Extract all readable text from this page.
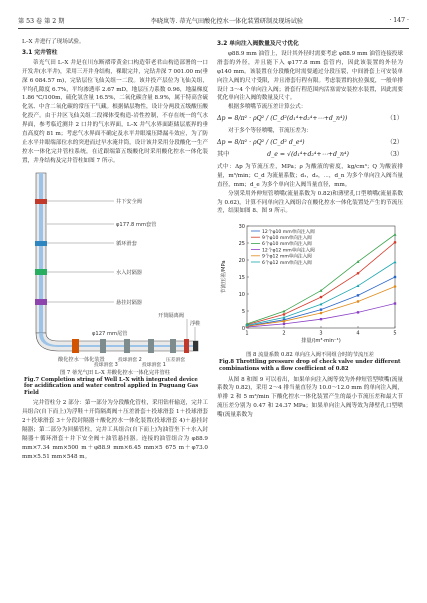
第 53 卷 第 2 期	李晓岚等. 蒂光气田酸化控水一体化装置研制及现场试验	· 147 ·

L–X 井进行了现场试验。

3.1 完井管柱

蒂光气田 L–X 井是在川东断褶带黄金口构造带老君山构造部署的一口开发井(水平井)，采用三开井身结构，裸眼完井，完钻井深 7 001.00 m(垂深 6 084.57 m)，完钻层位飞仙关组一二段。该井投产层位为飞仙关组，平均孔隙度 6.7%，平均渗透率 2.67 mD，地层压力系数 0.96，地温梯度 1.86 ℃/100m，硫化氢含量 16.5%，二氧化碳含量 8.9%，属于特高含硫化氢、中含二氧化碳的常压干气藏。根据储层物性，设计分两段五级酸压酸化投产。由于井区飞仙关组二段裸体受构造-岩性控制，不存在统一的气水界面，参考临近测井 2 口井的气水界面，L–X 井气水界面距储层底界的垂直高度约 81 m；考虑气水界面不确定及水平井眼端压降漏斗效应，为了防止水平井眼端部位水的突进而过早水淹井筒，设计该井采用分段酸化一生产控水一体化完井管柱系统，在近跟端第五级酸化时采用酸化控水一体化装置，井身结构及完井管柱如图 7 所示。

井下安全阀
φ177.8 mm套管
循环滑套
水入封隔器
悬挂封隔器
开筒隔离阀
浮鞋
φ127 mm尾管
酸化控水一体化装置
投球滑套 3
投球滑套 2
投球滑套 1
压差滑套

图 7 蒂光气田 L–X 井酸化控水一体化完井管柱

Fig.7 Completion string of Well L–X with integrated device for acidification and water control applied in Puguang Gas Field

完井管柱分 2 部分：第一部分为分段酸化管柱，采用钻杆输送，完井工具组合(自下而上)为浮鞋＋开筒隔离阀＋压差滑套＋投球滑套 1＋投球滑套 2＋投球滑套 3＋分段封隔器＋酸化控水一体化装置(投球滑套 4)＋悬挂封隔器；第二部分为回插管柱，完井工具组合(自下而上)为油管坐下＋水入封隔器＋循环滑套＋井下安全阀＋油管悬挂器。连接的油管组合为 φ88.9 mm×7.34 mm×500 m＋φ88.9 mm×6.45 mm×5 675 m＋φ73.0 mm×5.51 mm×548 m。

3.2 单向注入阀数量及尺寸优化

φ88.9 mm 油管上，设计其外径时需要考虑 φ88.9 mm 油管连接投球滑套的外径，并且能下入 φ177.8 mm 套管内，因此该装置的外径为 φ140 mm。该装置在分段酸化时需要通过分段压裂，中间滑套上可安装单向注入阀的尺寸受限，并且滑套行程有限。考虑装置的抗拉强度，一般单排设计 3～4 个单向注入阀；滑套行程范围内活塞需安装控水装置，因此需要优化单向注入阀的数量及尺寸。

根据多喷嘴节流压差计算公式：

Δp = 8/π² · ρQ² / (C_d²(d₁⁴+d₂⁴+⋯+d_n⁴))	（1）

对于多个等径喷嘴，节流压差为：

Δp = 8/π² · ρQ² / (C_d² d_e⁴)	（2）
其中	d_e = √(d₁⁴+d₂⁴+⋯+d_n⁴)	（3）

式中：Δp 为节流压差，MPa；ρ 为酸液的密度，kg/cm³；Q 为酸液排量，m³/min；C_d 为流量系数；d₁，d₂，⋯，d_n 为多个单向注入阀当量直径，mm；d_e 为多个单向注入阀当量直径，mm。

分别采用外伸短管喷嘴(流量系数为 0.82)和薄壁孔口型喷嘴(流量系数为 0.62)，计算不同单向注入阀组合在酸化控水一体化装置处产生的节流压差，结果如图 8、图 9 所示。

0
5
10
15
20
25
30
1	2	3	4	5
排量/(m³·min⁻¹)
节流压差/MPa
12个φ10 mm单向注入阀
9个φ10 mm单向注入阀
6个φ10 mm单向注入阀
12个φ12 mm单向注入阀
9个φ12 mm单向注入阀
6个φ12 mm单向注入阀

图 8 流量系数 0.82 单向注入阀不同组合时的节流压差

Fig.8 Throttling pressure drop of check valve under different combinations with a flow coefficient of 0.82

从图 8 和图 9 可以看出，如果单向注入阀等效为外伸短管型喷嘴(流量系数为 0.82)，采用 2～4 排当量直径为 10.0～12.0 mm 的单向注入阀，单排 2 和 5 m³/min 下酸化控水一体化装置产生的最小节流压差和最大节流压差分别为 0.47 和 24.37 MPa；如果单向注入阀等效为薄壁孔口型喷嘴(流量系数为
